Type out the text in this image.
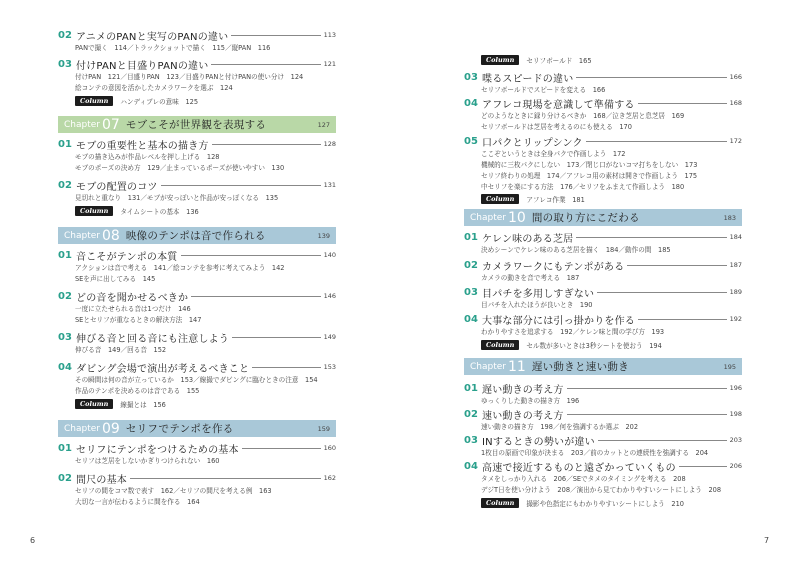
02 アニメのPANと実写のPANの違い	113
PANで撮く　114／トラックショットで描く　115／縦PAN　116
03 付けPANと目盛りPANの違い	121
付けPAN　121／目盛りPAN　123／目盛りPANと付けPANの使い分け　124
絵コンテの意図を活かしたカメラワークを選ぶ　124
Column	ハンディブレの意味　125
Chapter 07 モブこそが世界観を表現する	127
01 モブの重要性と基本の描き方	128
モブの描き込みが作品レベルを押し上げる　128
モブのポーズの決め方　129／止まっているポーズが使いやすい　130
02 モブの配置のコツ	131
見切れと重なり　131／モブが安っぽいと作品が安っぽくなる　135
Column	タイムシートの基本　136
Chapter 08 映像のテンポは音で作られる	139
01 音こそがテンポの本質	140
アクションは音で考える　141／絵コンテを参考に考えてみよう　142
SEを声に出してみる　145
02 どの音を聞かせるべきか	146
一度に立たせられる音は1つだけ　146
SEとセリフが重なるときの解決方法　147
03 伸びる音と回る音にも注意しよう	149
伸びる音　149／回る音　152
04 ダビング会場で演出が考えるべきこと	153
その瞬間は何の音が立っているか　153／線撮でダビングに臨むときの注意　154
作品のテンポを決めるのは音である　155
Column	線撮とは　156
Chapter 09 セリフでテンポを作る	159
01 セリフにテンポをつけるための基本	160
セリフは芝居をしないかぎりつけられない　160
02 間尺の基本	162
セリフの間をコマ数で表す　162／セリフの間尺を考える例　163
大切な一言が伝わるように間を作る　164
Column	セリフボールド　165
03 喋るスピードの違い	166
セリフボールドでスピードを変える　166
04 アフレコ現場を意識して準備する	168
どのようなときに録り分けるべきか　168／泣き芝居と息芝居　169
セリフボールドは芝居を考えるのにも使える　170
05 口パクとリップシンク	172
ここぞというときは全身パクで作画しよう　172
機械的に三枚パクにしない　173／閉じ口がないコマ打ちをしない　173
セリフ終わりの処理　174／アフレコ用の素材は開きで作画しよう　175
中セリフを楽にする方法　176／セリフをふまえて作画しよう　180
Column	アフレコ作業　181
Chapter 10 間の取り方にこだわる	183
01 ケレン味のある芝居	184
決めシーンでケレン味のある芝居を描く　184／動作の間　185
02 カメラワークにもテンポがある	187
カメラの動きを音で考える　187
03 目パチを多用しすぎない	189
目パチを入れたほうが良いとき　190
04 大事な部分には引っ掛かりを作る	192
わかりやすさを追求する　192／ケレン味と間の学び方　193
Column	セル数が多いときは3秒シートを使おう　194
Chapter 11 遅い動きと速い動き	195
01 遅い動きの考え方	196
ゆっくりした動きの描き方　196
02 速い動きの考え方	198
速い動きの描き方　198／何を強調するか選ぶ　202
03 INするときの勢いが違い	203
1枚目の原画で印象が決まる　203／前のカットとの連続性を強調する　204
04 高速で接近するものと遠ざかっていくもの	206
タメをしっかり入れる　206／SEでタメのタイミングを考える　208
デジT日を使い分けよう　208／演出から見てわかりやすいシートにしよう　208
Column	撮影や色指定にもわかりやすいシートにしよう　210
6	7
